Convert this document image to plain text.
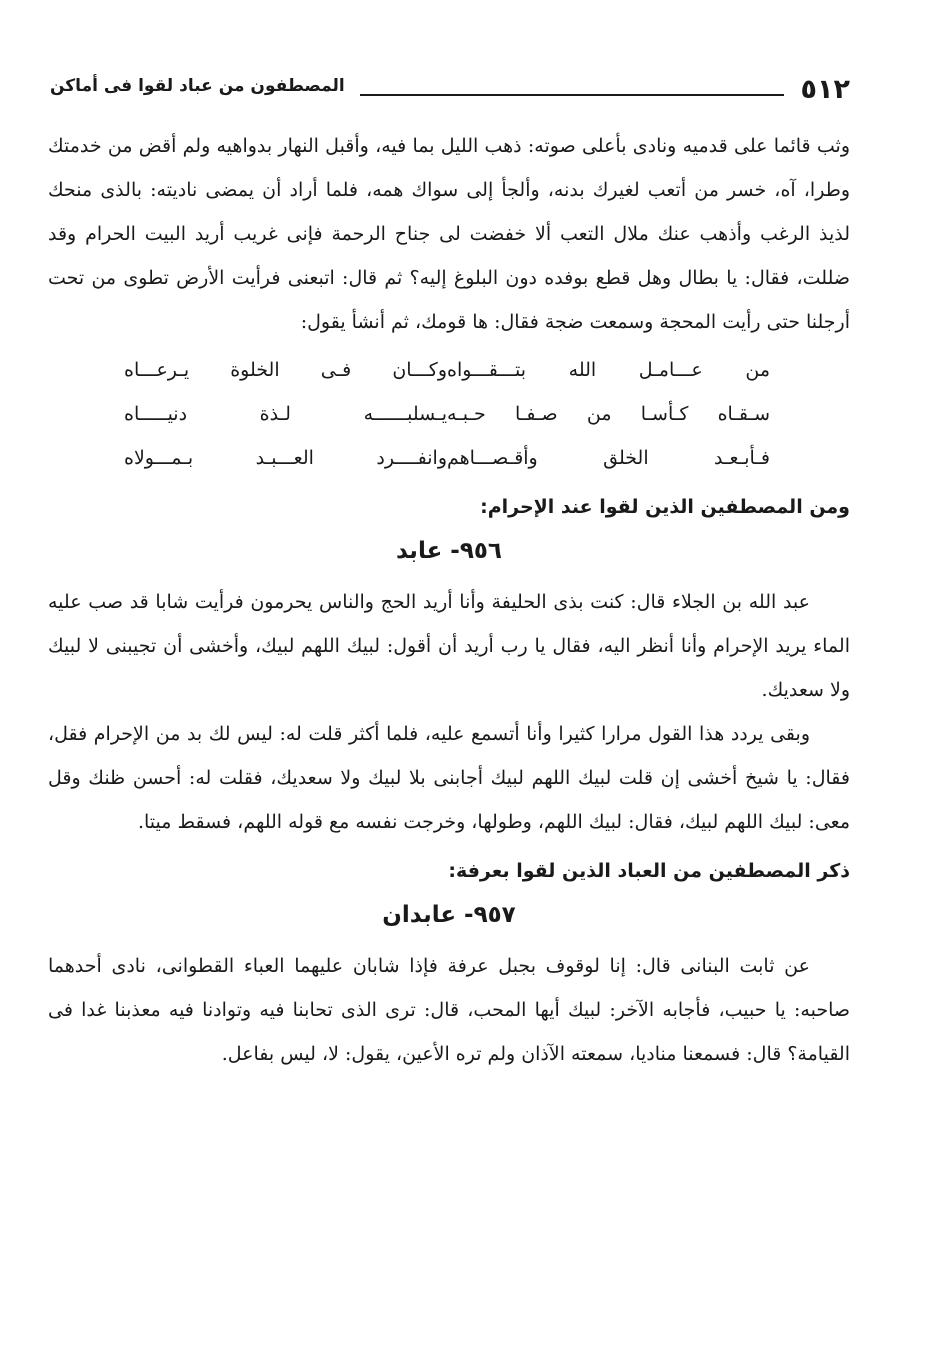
٥١٢
المصطفون من عباد لقوا فى أماكن

وثب قائما على قدميه ونادى بأعلى صوته: ذهب الليل بما فيه، وأقبل النهار بدواهيه ولم أقض من خدمتك وطرا، آه، خسر من أتعب لغيرك بدنه، وألجأ إلى سواك همه، فلما أراد أن يمضى ناديته: بالذى منحك لذيذ الرغب وأذهب عنك ملال التعب ألا خفضت لى جناح الرحمة فإنى غريب أريد البيت الحرام وقد ضللت، فقال: يا بطال وهل قطع بوفده دون البلوغ إليه؟ ثم قال: اتبعنى فرأيت الأرض تطوى من تحت أرجلنا حتى رأيت المحجة وسمعت ضجة فقال: ها قومك، ثم أنشأ يقول:

من عـــامـل الله بتـــقـــواه
وكـــان فـى الخلوة يـرعـــاه
سـقـاه كـأسـا من صـفـا حـبـه
يـسلبــــــه لـذة دنيـــــاه
فـأبـعـد الخلق وأقـصـــاهم
وانفــــرد العـــبـد بـمـــولاه
ومن المصطفين الذين لقوا عند الإحرام:
٩٥٦- عابد

عبد الله بن الجلاء قال: كنت بذى الحليفة وأنا أريد الحج والناس يحرمون فرأيت شابا قد صب عليه الماء يريد الإحرام وأنا أنظر اليه، فقال يا رب أريد أن أقول: لبيك اللهم لبيك، وأخشى أن تجيبنى لا لبيك ولا سعديك.

وبقى يردد هذا القول مرارا كثيرا وأنا أتسمع عليه، فلما أكثر قلت له: ليس لك بد من الإحرام فقل، فقال: يا شيخ أخشى إن قلت لبيك اللهم لبيك أجابنى بلا لبيك ولا سعديك، فقلت له: أحسن ظنك وقل معى: لبيك اللهم لبيك، فقال: لبيك اللهم، وطولها، وخرجت نفسه مع قوله اللهم، فسقط ميتا.

ذكر المصطفين من العباد الذين لقوا بعرفة:
٩٥٧- عابدان

عن ثابت البنانى قال: إنا لوقوف بجبل عرفة فإذا شابان عليهما العباء القطوانى، نادى أحدهما صاحبه: يا حبيب، فأجابه الآخر: لبيك أيها المحب، قال: ترى الذى تحابنا فيه وتوادنا فيه معذبنا غدا فى القيامة؟ قال: فسمعنا مناديا، سمعته الآذان ولم تره الأعين، يقول: لا، ليس بفاعل.
